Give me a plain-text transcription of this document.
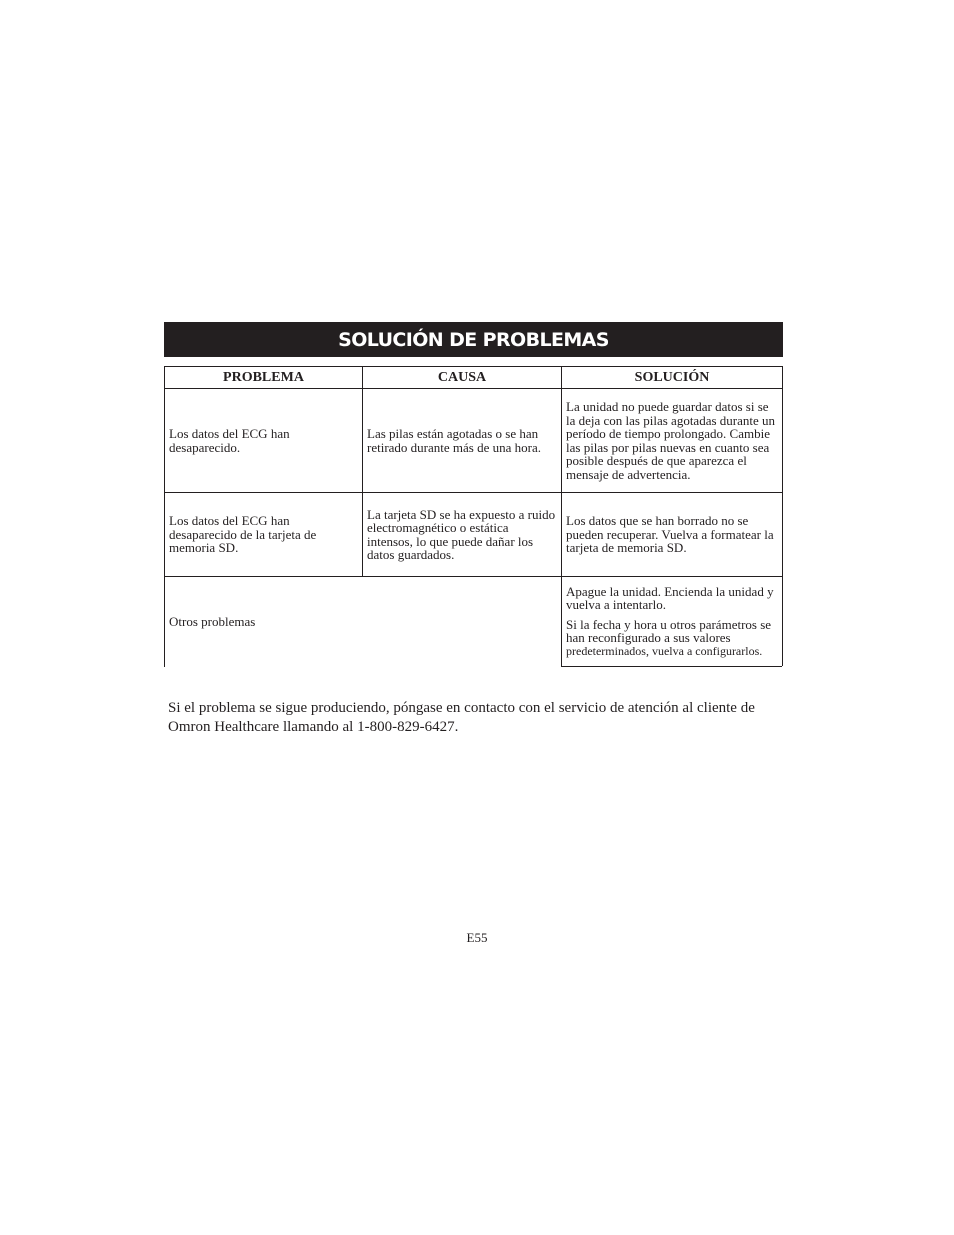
SOLUCIÓN DE PROBLEMAS
PROBLEMA	CAUSA	SOLUCIÓN
Los datos del ECG han desaparecido.
Las pilas están agotadas o se han retirado durante más de una hora.
La unidad no puede guardar datos si se la deja con las pilas agotadas durante un período de tiempo prolongado. Cambie las pilas por pilas nuevas en cuanto sea posible después de que aparezca el mensaje de advertencia.
Los datos del ECG han desaparecido de la tarjeta de memoria SD.
La tarjeta SD se ha expuesto a ruido electromagnético o estática intensos, lo que puede dañar los datos guardados.
Los datos que se han borrado no se pueden recuperar. Vuelva a formatear la tarjeta de memoria SD.
Otros problemas

Apague la unidad. Encienda la unidad y vuelva a intentarlo.

Si la fecha y hora u otros parámetros se han reconfigurado a sus valores
predeterminados, vuelva a configurarlos.

Si el problema se sigue produciendo, póngase en contacto con el servicio de atención al cliente de Omron Healthcare llamando al 1-800-829-6427.
E55
